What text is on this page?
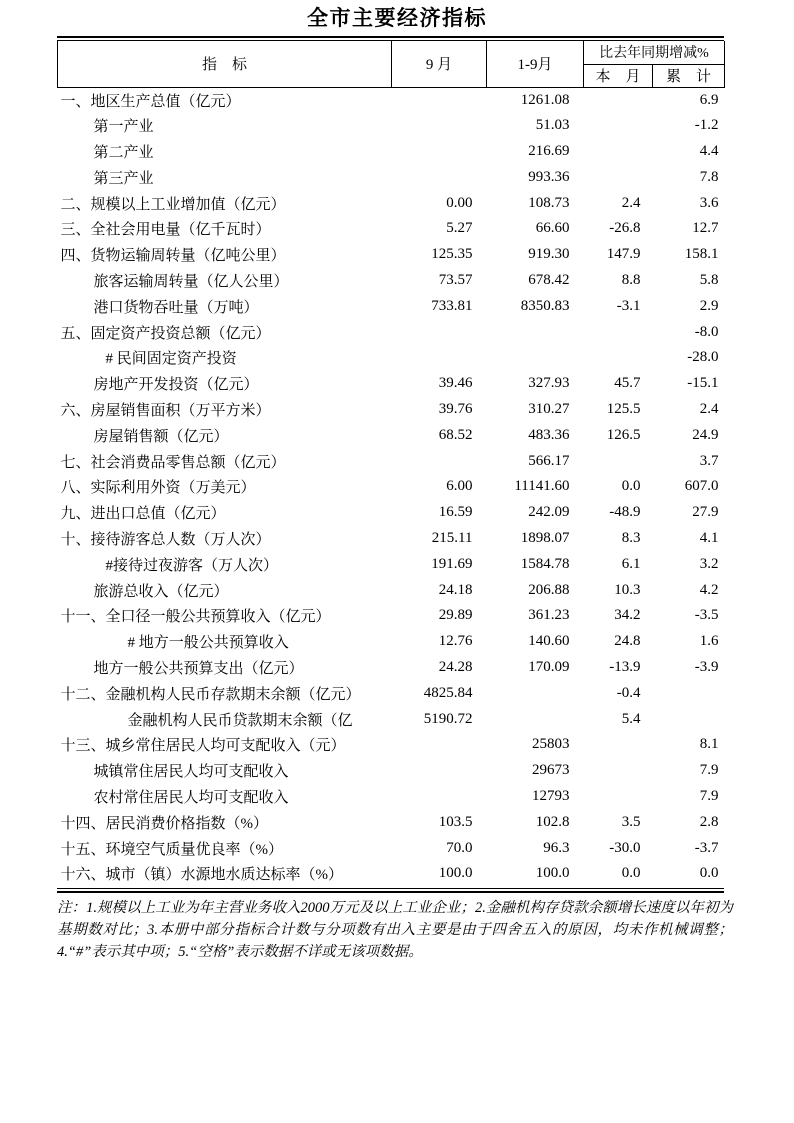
全市主要经济指标
指　标	9 月	1-9月	比去年同期增减%	
			本　月	累　计
一、地区生产总值（亿元）		1261.08		6.9
第一产业		51.03		-1.2
第二产业		216.69		4.4
第三产业		993.36		7.8
二、规模以上工业增加值（亿元）	0.00	108.73	2.4	3.6
三、全社会用电量（亿千瓦时）	5.27	66.60	-26.8	12.7
四、货物运输周转量（亿吨公里）	125.35	919.30	147.9	158.1
旅客运输周转量（亿人公里）	73.57	678.42	8.8	5.8
港口货物吞吐量（万吨）	733.81	8350.83	-3.1	2.9
五、固定资产投资总额（亿元）				-8.0
# 民间固定资产投资				-28.0
房地产开发投资（亿元）	39.46	327.93	45.7	-15.1
六、房屋销售面积（万平方米）	39.76	310.27	125.5	2.4
房屋销售额（亿元）	68.52	483.36	126.5	24.9
七、社会消费品零售总额（亿元）		566.17		3.7
八、实际利用外资（万美元）	6.00	11141.60	0.0	607.0
九、进出口总值（亿元）	16.59	242.09	-48.9	27.9
十、接待游客总人数（万人次）	215.11	1898.07	8.3	4.1
#接待过夜游客（万人次）	191.69	1584.78	6.1	3.2
旅游总收入（亿元）	24.18	206.88	10.3	4.2
十一、全口径一般公共预算收入（亿元）	29.89	361.23	34.2	-3.5
# 地方一般公共预算收入	12.76	140.60	24.8	1.6
地方一般公共预算支出（亿元）	24.28	170.09	-13.9	-3.9
十二、金融机构人民币存款期末余额（亿元）	4825.84		-0.4	
金融机构人民币贷款期末余额（亿	5190.72		5.4	
十三、城乡常住居民人均可支配收入（元）		25803		8.1
城镇常住居民人均可支配收入		29673		7.9
农村常住居民人均可支配收入		12793		7.9
十四、居民消费价格指数（%）	103.5	102.8	3.5	2.8
十五、环境空气质量优良率（%）	70.0	96.3	-30.0	-3.7
十六、城市（镇）水源地水质达标率（%）	100.0	100.0	0.0	0.0
注：1.规模以上工业为年主营业务收入2000万元及以上工业企业；2.金融机构存贷款余额增长速度以年初为基期数对比；3.本册中部分指标合计数与分项数有出入主要是由于四舍五入的原因，均未作机械调整；4.“#”表示其中项；5.“空格”表示数据不详或无该项数据。
